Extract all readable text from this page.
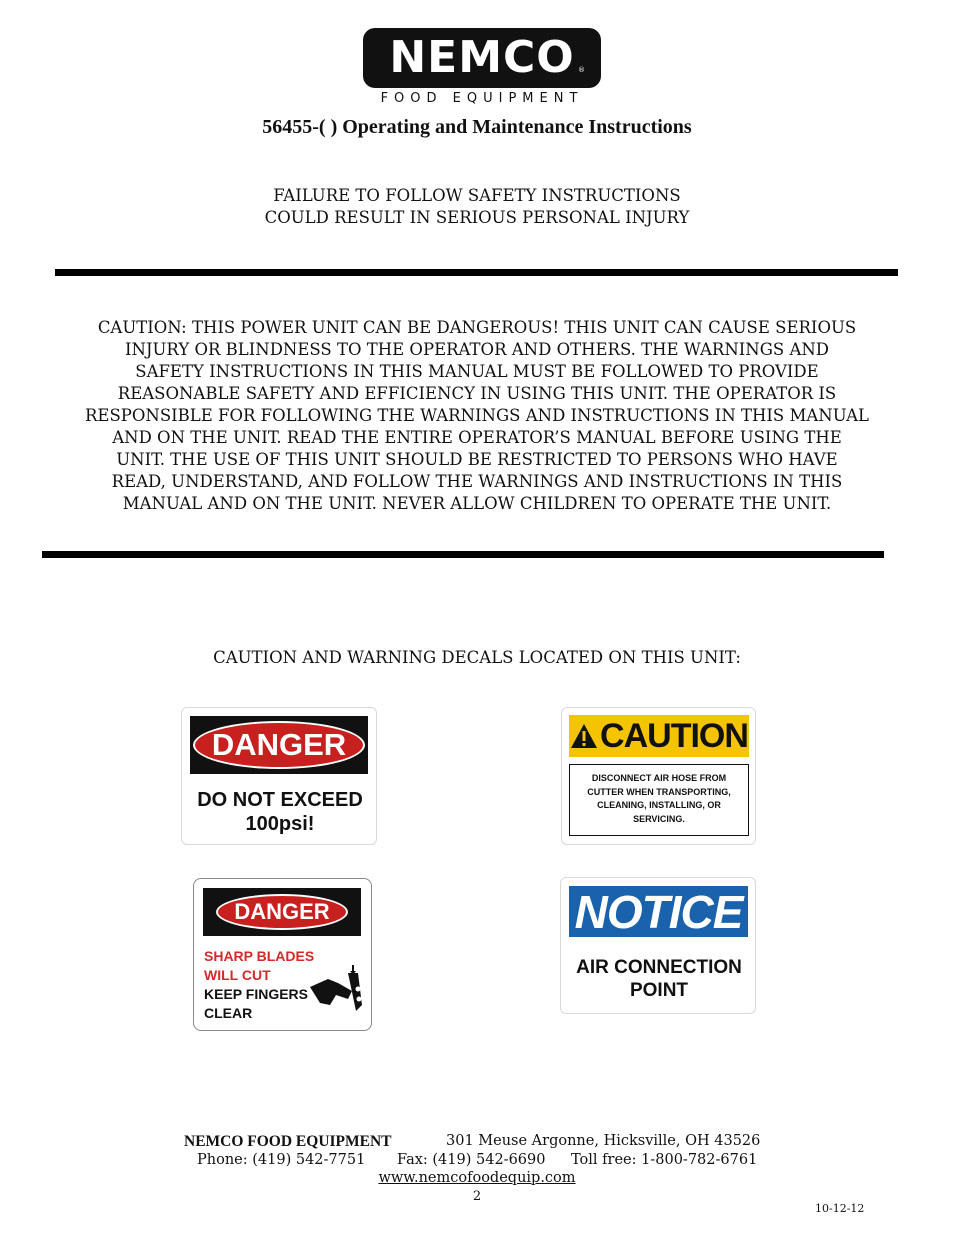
NEMCO ®
FOOD EQUIPMENT
56455-( ) Operating and Maintenance Instructions
FAILURE TO FOLLOW SAFETY INSTRUCTIONS
COULD RESULT IN SERIOUS PERSONAL INJURY
CAUTION: THIS POWER UNIT CAN BE DANGEROUS! THIS UNIT CAN CAUSE SERIOUS
INJURY OR BLINDNESS TO THE OPERATOR AND OTHERS. THE WARNINGS AND
SAFETY INSTRUCTIONS IN THIS MANUAL MUST BE FOLLOWED TO PROVIDE
REASONABLE SAFETY AND EFFICIENCY IN USING THIS UNIT. THE OPERATOR IS
RESPONSIBLE FOR FOLLOWING THE WARNINGS AND INSTRUCTIONS IN THIS MANUAL
AND ON THE UNIT. READ THE ENTIRE OPERATOR’S MANUAL BEFORE USING THE
UNIT. THE USE OF THIS UNIT SHOULD BE RESTRICTED TO PERSONS WHO HAVE
READ, UNDERSTAND, AND FOLLOW THE WARNINGS AND INSTRUCTIONS IN THIS
MANUAL AND ON THE UNIT. NEVER ALLOW CHILDREN TO OPERATE THE UNIT.
CAUTION AND WARNING DECALS LOCATED ON THIS UNIT:
DANGER
DO NOT EXCEED
100psi!
CAUTION
DISCONNECT AIR HOSE FROM
CUTTER WHEN TRANSPORTING,
CLEANING, INSTALLING, OR
SERVICING.
DANGER
SHARP BLADES
WILL CUT
KEEP FINGERS
CLEAR
NOTICE
AIR CONNECTION
POINT
NEMCO FOOD EQUIPMENT	301 Meuse Argonne, Hicksville, OH 43526
Phone: (419) 542-7751 Fax: (419) 542-6690 Toll free: 1-800-782-6761
www.nemcofoodequip.com
2
10-12-12
